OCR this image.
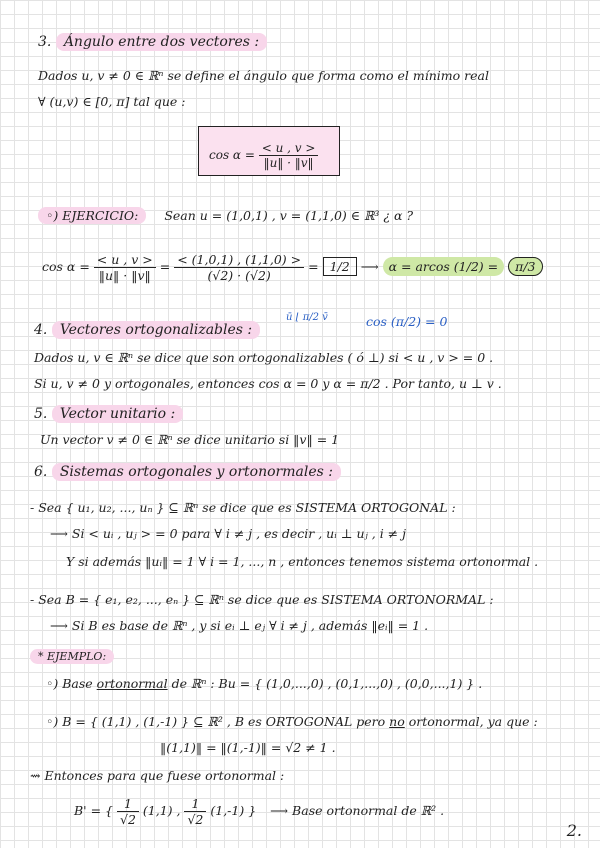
3. Ángulo entre dos vectores :
Dados u, v ≠ 0 ∈ ℝⁿ se define el ángulo que forma como el mínimo real
∀ (u,v) ∈ [0, π] tal que :
$\cos \alpha = \frac{< u , v >}{‖u‖ \cdot ‖v‖}$
◦) EJERCICIO: Sean u = (1,0,1) , v = (1,1,0) ∈ ℝ³ ¿ α ?
$\cos \alpha = \frac{< u , v >}{‖u‖ \cdot ‖v‖} = \frac{< (1,0,1) , (1,1,0) >}{(√2) \cdot (√2)} = 1/2$ ⟶ α = arcos (1/2) = π/3
4. Vectores ortogonalizables :
ū ⌊ π/2 v̄	cos (π/2) = 0
Dados u, v ∈ ℝⁿ se dice que son ortogonalizables ( ó ⊥) si < u , v > = 0 .
Si u, v ≠ 0 y ortogonales, entonces cos α = 0 y α = π/2 . Por tanto, u ⊥ v .
5. Vector unitario :
Un vector v ≠ 0 ∈ ℝⁿ se dice unitario si ‖v‖ = 1
6. Sistemas ortogonales y ortonormales :
- Sea { u₁, u₂, ..., uₙ } ⊆ ℝⁿ se dice que es SISTEMA ORTOGONAL :
⟶ Si < uᵢ , uⱼ > = 0 para ∀ i ≠ j , es decir , uᵢ ⊥ uⱼ , i ≠ j
Y si además ‖uᵢ‖ = 1 ∀ i = 1, ..., n , entonces tenemos sistema ortonormal .
- Sea B = { e₁, e₂, ..., eₙ } ⊆ ℝⁿ se dice que es SISTEMA ORTONORMAL :
⟶ Si B es base de ℝⁿ , y si eᵢ ⊥ eⱼ ∀ i ≠ j , además ‖eᵢ‖ = 1 .
* EJEMPLO:
◦) Base ortonormal de ℝⁿ : Bu = { (1,0,...,0) , (0,1,...,0) , (0,0,...,1) } .
◦) B = { (1,1) , (1,-1) } ⊆ ℝ² , B es ORTOGONAL pero no ortonormal, ya que :
‖(1,1)‖ = ‖(1,-1)‖ = √2 ≠ 1 .
⇝ Entonces para que fuese ortonormal :
B' = { $\frac{1}{√2} (1,1)$ , $\frac{1}{√2} (1,-1)$ } ⟶ Base ortonormal de ℝ² .
2.
